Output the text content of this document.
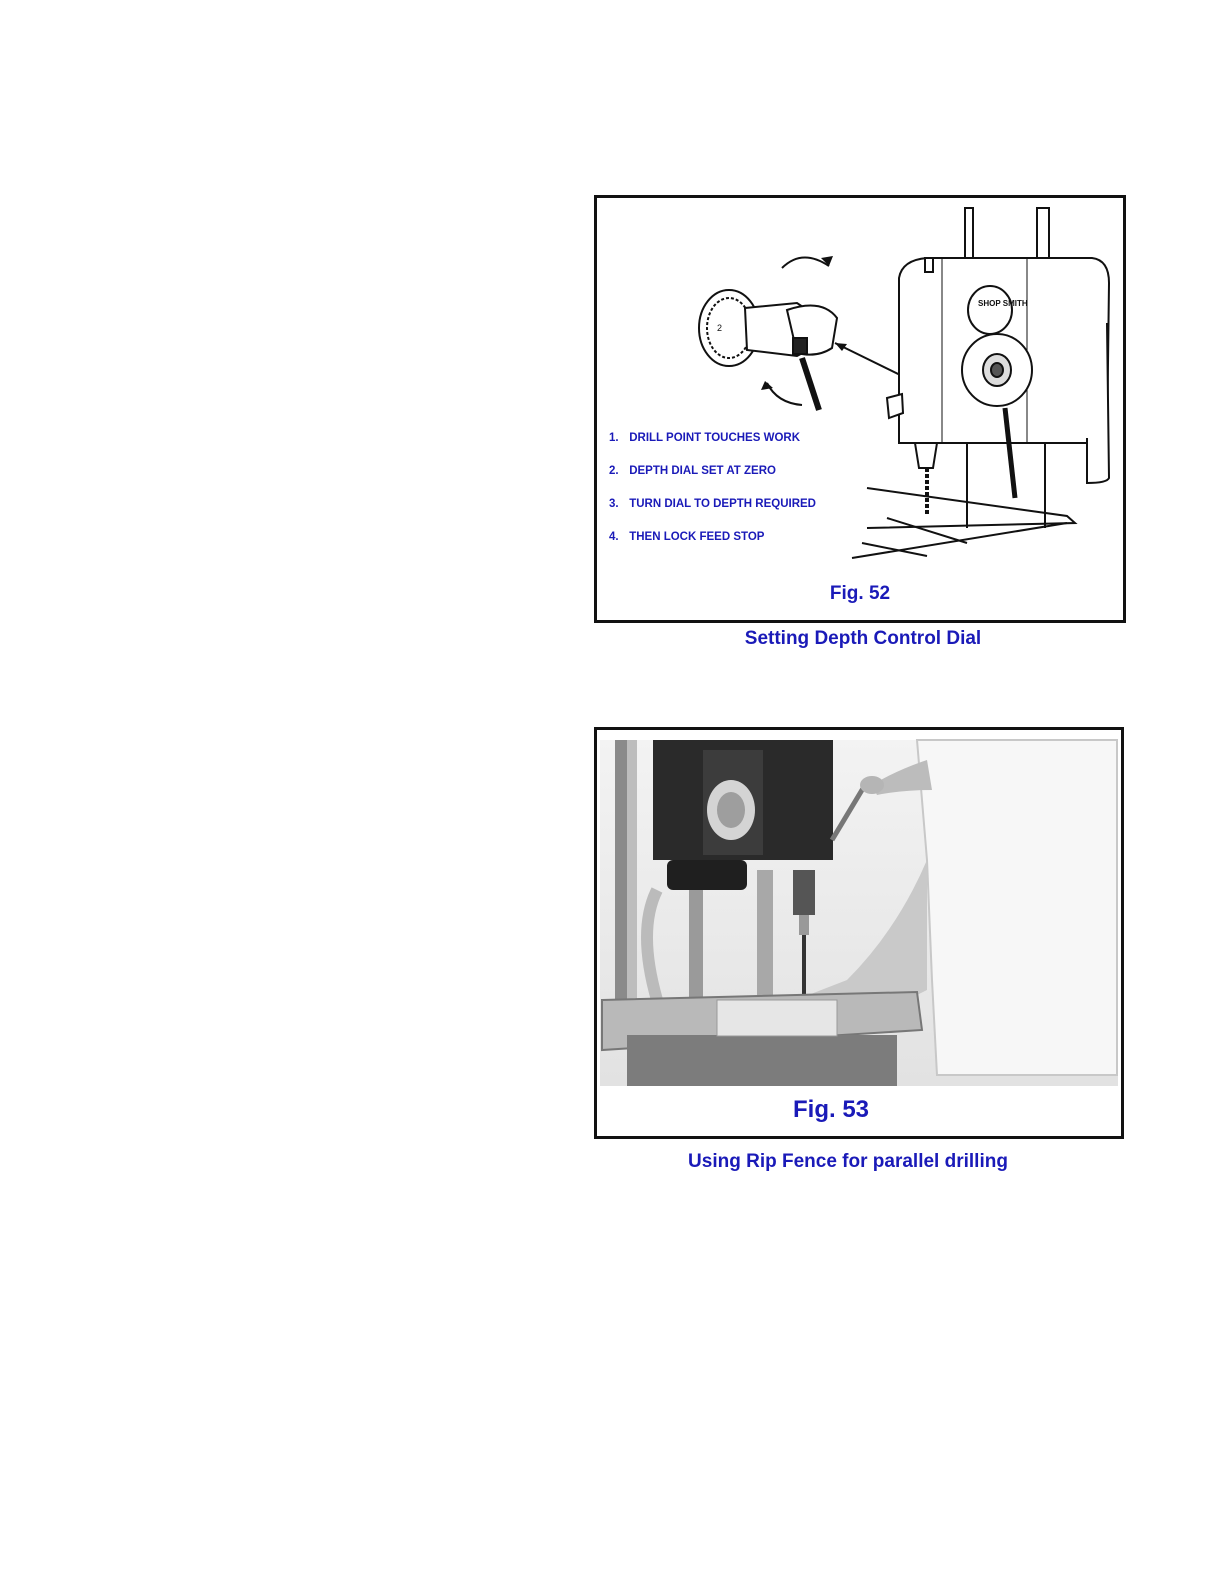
2
SHOP SMITH
1. DRILL POINT TOUCHES WORK
2. DEPTH DIAL SET AT ZERO
3. TURN DIAL TO DEPTH REQUIRED
4. THEN LOCK FEED STOP
Fig. 52
Setting Depth Control Dial
Fig. 53
Using Rip Fence for parallel drilling
